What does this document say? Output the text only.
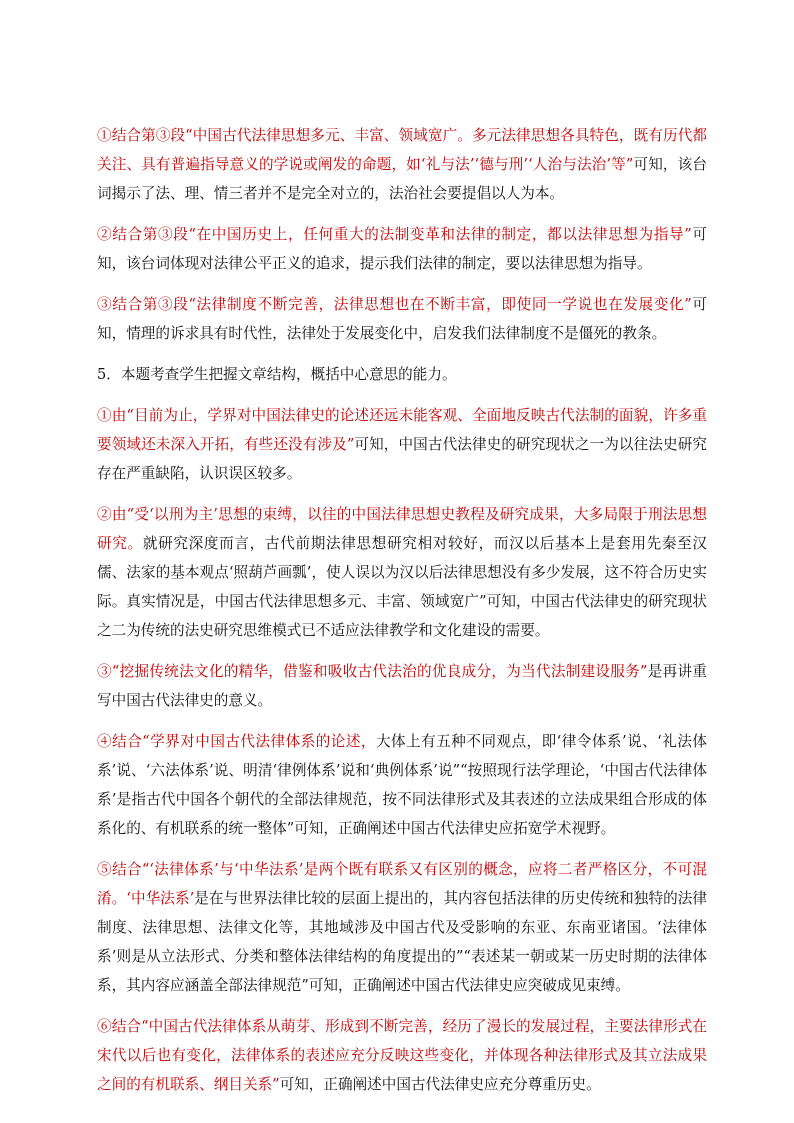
①结合第③段“中国古代法律思想多元、丰富、领域宽广。多元法律思想各具特色，既有历代都关注、具有普遍指导意义的学说或阐发的命题，如‘礼与法’‘德与刑’‘人治与法治’等”可知，该台词揭示了法、理、情三者并不是完全对立的，法治社会要提倡以人为本。

②结合第③段“在中国历史上，任何重大的法制变革和法律的制定，都以法律思想为指导”可知，该台词体现对法律公平正义的追求，提示我们法律的制定，要以法律思想为指导。

③结合第③段“法律制度不断完善，法律思想也在不断丰富，即使同一学说也在发展变化”可知，情理的诉求具有时代性，法律处于发展变化中，启发我们法律制度不是僵死的教条。

5．本题考查学生把握文章结构，概括中心意思的能力。

①由“目前为止，学界对中国法律史的论述还远未能客观、全面地反映古代法制的面貌，许多重要领域还未深入开拓，有些还没有涉及”可知，中国古代法律史的研究现状之一为以往法史研究存在严重缺陷，认识误区较多。

②由“受‘以刑为主’思想的束缚，以往的中国法律思想史教程及研究成果，大多局限于刑法思想研究。就研究深度而言，古代前期法律思想研究相对较好，而汉以后基本上是套用先秦至汉儒、法家的基本观点‘照葫芦画瓢’，使人误以为汉以后法律思想没有多少发展，这不符合历史实际。真实情况是，中国古代法律思想多元、丰富、领域宽广”可知，中国古代法律史的研究现状之二为传统的法史研究思维模式已不适应法律教学和文化建设的需要。

③“挖掘传统法文化的精华，借鉴和吸收古代法治的优良成分，为当代法制建设服务”是再讲重写中国古代法律史的意义。

④结合“学界对中国古代法律体系的论述，大体上有五种不同观点，即‘律令体系’说、‘礼法体系’说、‘六法体系’说、明清‘律例体系’说和‘典例体系’说”“按照现行法学理论，‘中国古代法律体系’是指古代中国各个朝代的全部法律规范，按不同法律形式及其表述的立法成果组合形成的体系化的、有机联系的统一整体”可知，正确阐述中国古代法律史应拓宽学术视野。

⑤结合“‘法律体系’与‘中华法系’是两个既有联系又有区别的概念，应将二者严格区分，不可混淆。‘中华法系’是在与世界法律比较的层面上提出的，其内容包括法律的历史传统和独特的法律制度、法律思想、法律文化等，其地域涉及中国古代及受影响的东亚、东南亚诸国。‘法律体系’则是从立法形式、分类和整体法律结构的角度提出的”“表述某一朝或某一历史时期的法律体系，其内容应涵盖全部法律规范”可知，正确阐述中国古代法律史应突破成见束缚。

⑥结合“中国古代法律体系从萌芽、形成到不断完善，经历了漫长的发展过程，主要法律形式在宋代以后也有变化，法律体系的表述应充分反映这些变化，并体现各种法律形式及其立法成果之间的有机联系、纲目关系”可知，正确阐述中国古代法律史应充分尊重历史。
